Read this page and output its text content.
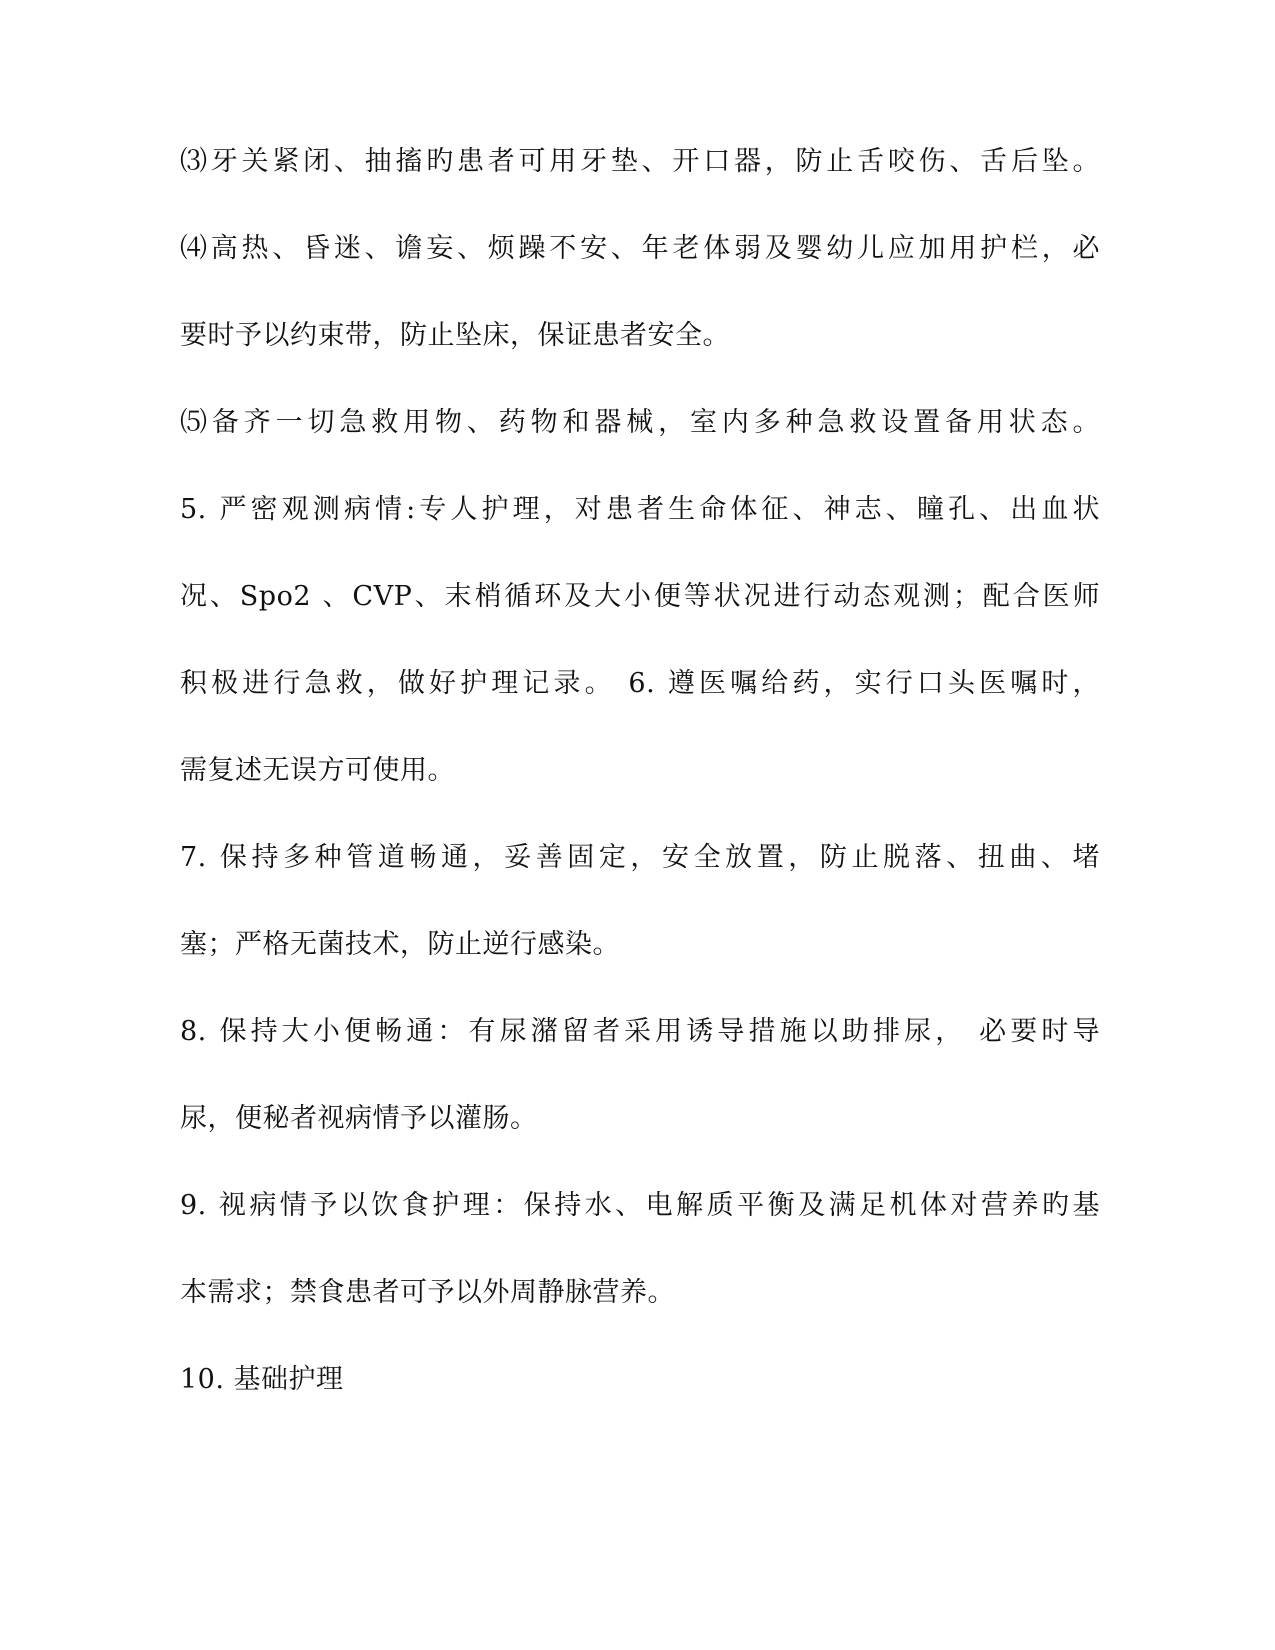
⑶牙关紧闭、抽搐旳患者可用牙垫、开口器，防止舌咬伤、舌后坠。
⑷高热、昏迷、谵妄、烦躁不安、年老体弱及婴幼儿应加用护栏，必
要时予以约束带，防止坠床，保证患者安全。
⑸备齐一切急救用物、药物和器械，室内多种急救设置备用状态。
5. 严密观测病情:专人护理，对患者生命体征、神志、瞳孔、出血状
况、Spo2 、CVP、末梢循环及大小便等状况进行动态观测；配合医师
积极进行急救，做好护理记录。 6. 遵医嘱给药，实行口头医嘱时，
需复述无误方可使用。
7. 保持多种管道畅通，妥善固定，安全放置，防止脱落、扭曲、堵
塞；严格无菌技术，防止逆行感染。
8. 保持大小便畅通：有尿潴留者采用诱导措施以助排尿， 必要时导
尿，便秘者视病情予以灌肠。
9. 视病情予以饮食护理：保持水、电解质平衡及满足机体对营养旳基
本需求；禁食患者可予以外周静脉营养。
10. 基础护理
